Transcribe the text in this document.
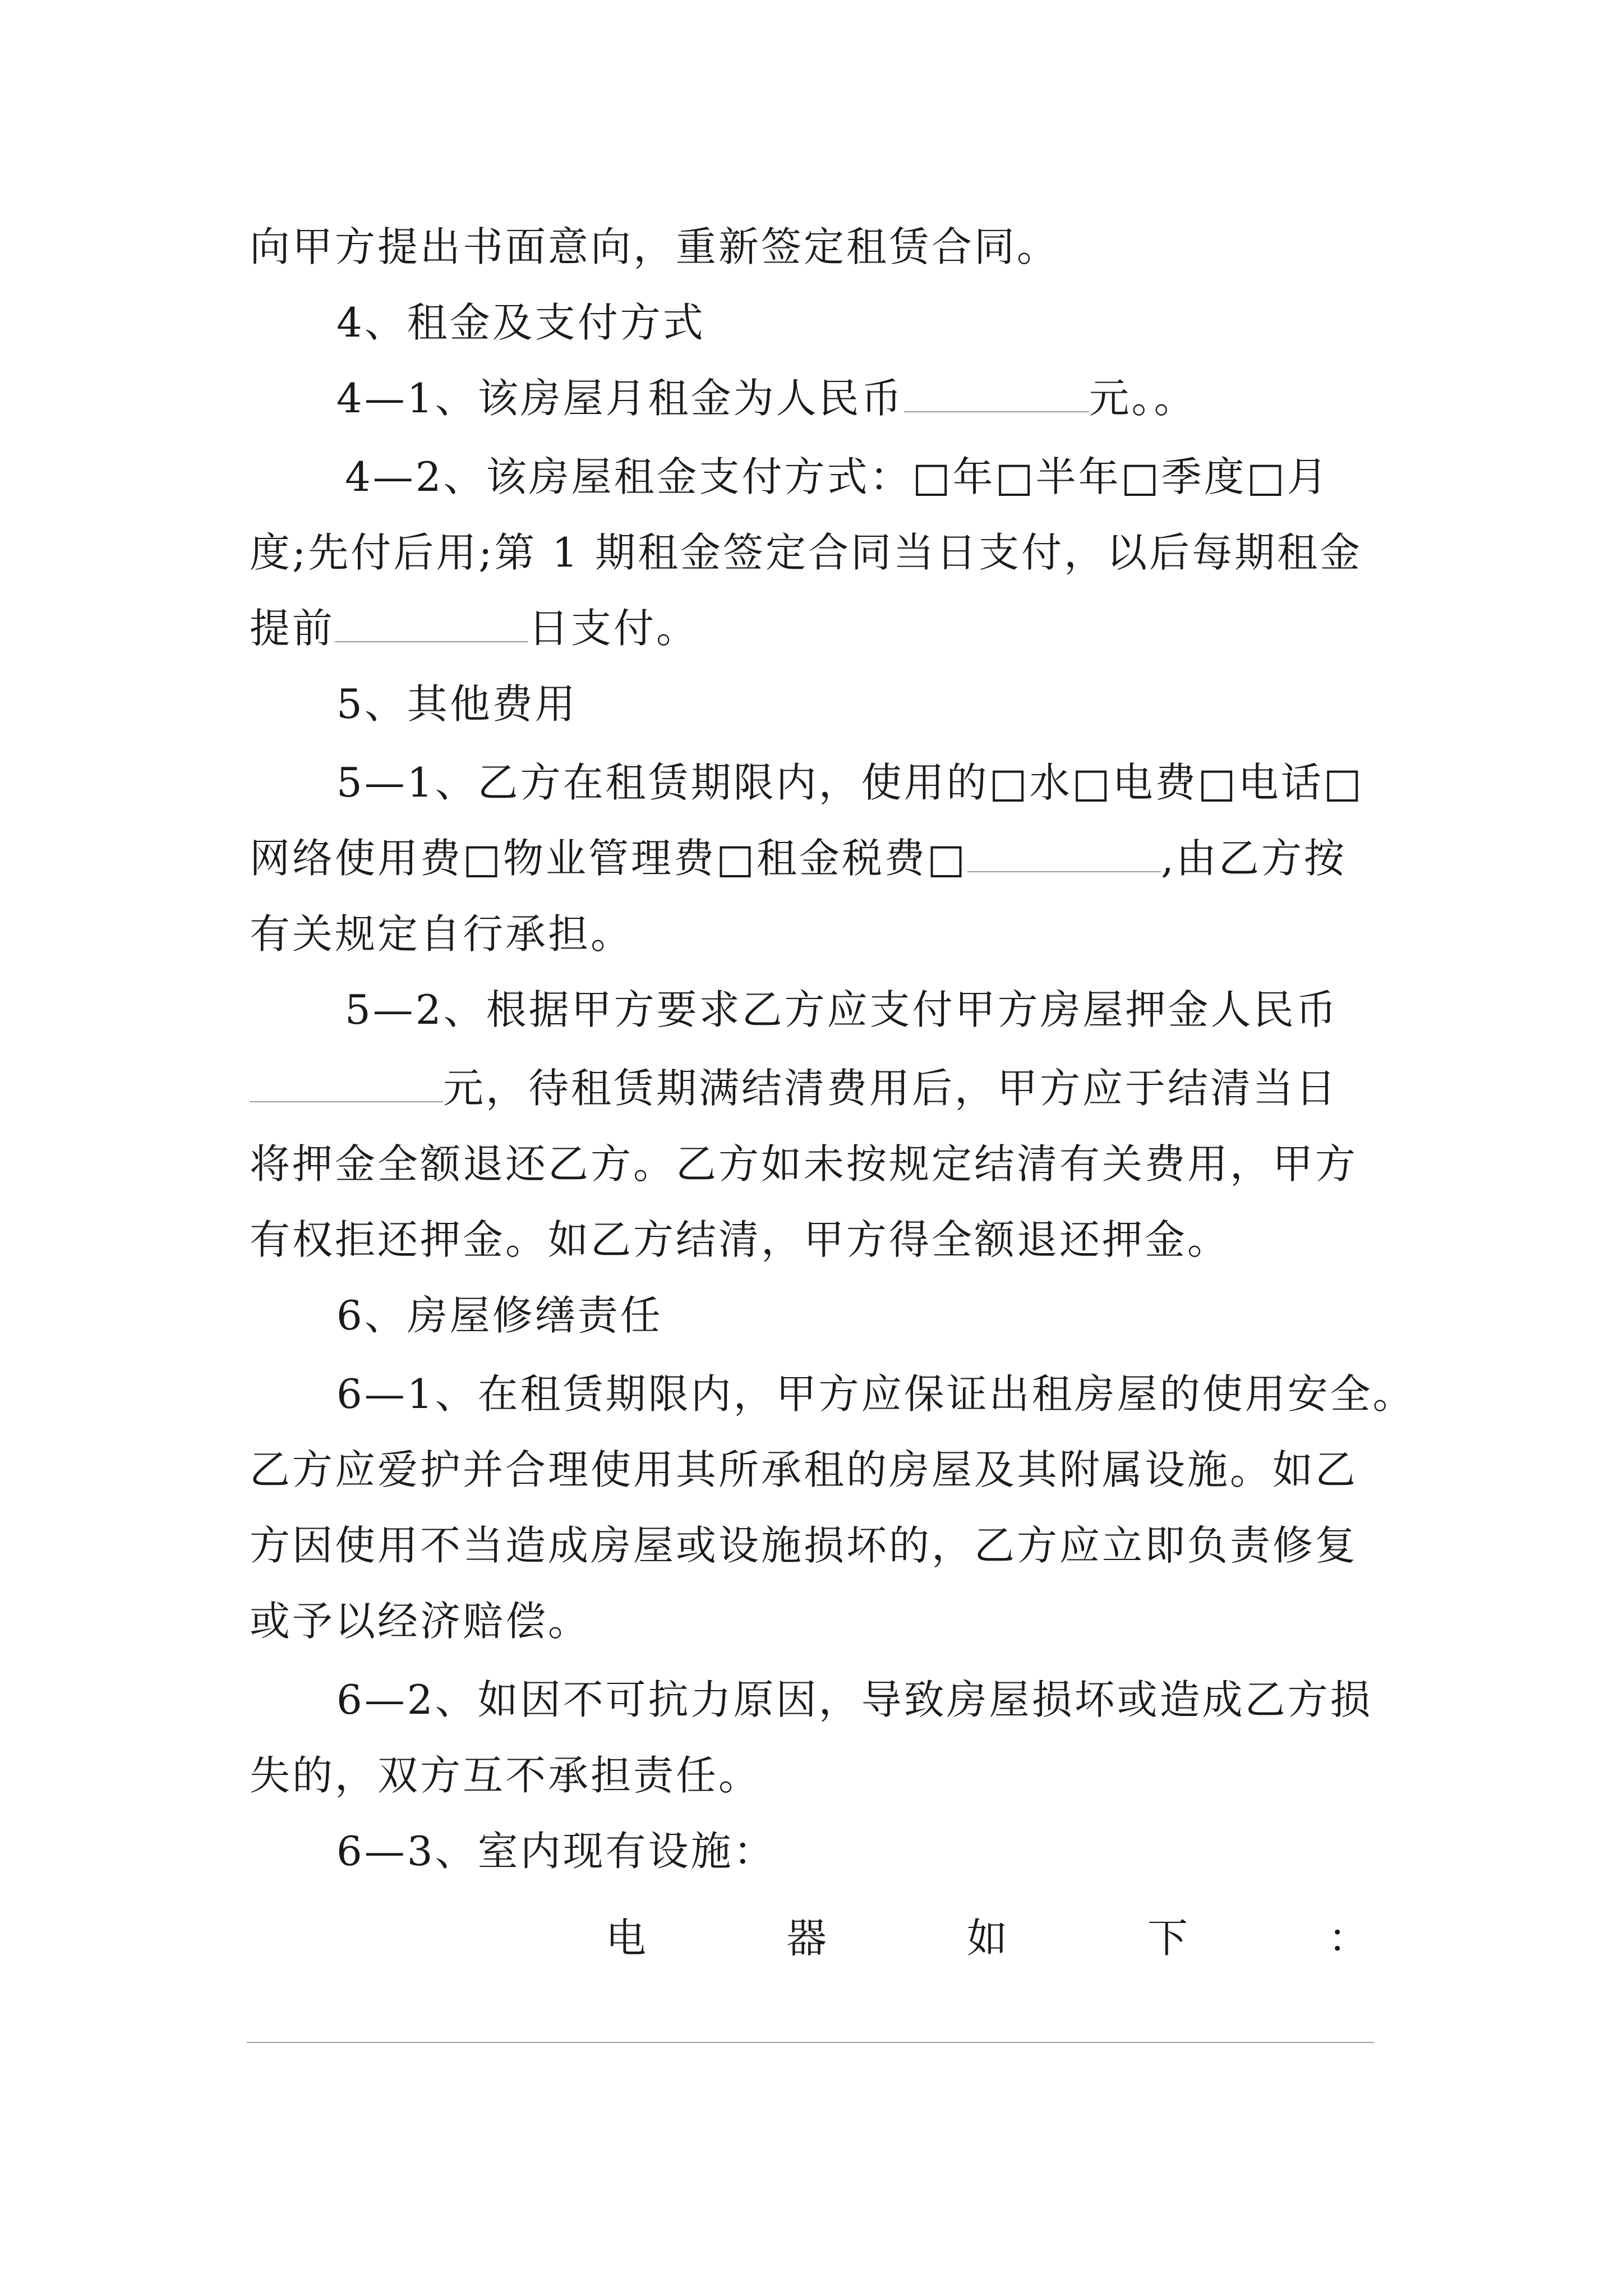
向甲方提出书面意向，重新签定租赁合同。
4、租金及支付方式
4—1、该房屋月租金为人民币	元。。
4—2、该房屋租金支付方式：□年□半年□季度□月
度;先付后用;第 1 期租金签定合同当日支付，以后每期租金
提前	日支付。
5、其他费用
5—1、乙方在租赁期限内，使用的□水□电费□电话□
网络使用费□物业管理费□租金税费□	,由乙方按
有关规定自行承担。
5—2、根据甲方要求乙方应支付甲方房屋押金人民币
元，待租赁期满结清费用后，甲方应于结清当日
将押金全额退还乙方。乙方如未按规定结清有关费用，甲方
有权拒还押金。如乙方结清，甲方得全额退还押金。
6、房屋修缮责任
6—1、在租赁期限内，甲方应保证出租房屋的使用安全。
乙方应爱护并合理使用其所承租的房屋及其附属设施。如乙
方因使用不当造成房屋或设施损坏的，乙方应立即负责修复
或予以经济赔偿。
6—2、如因不可抗力原因，导致房屋损坏或造成乙方损
失的，双方互不承担责任。
6—3、室内现有设施：
电	器	如	下	：
